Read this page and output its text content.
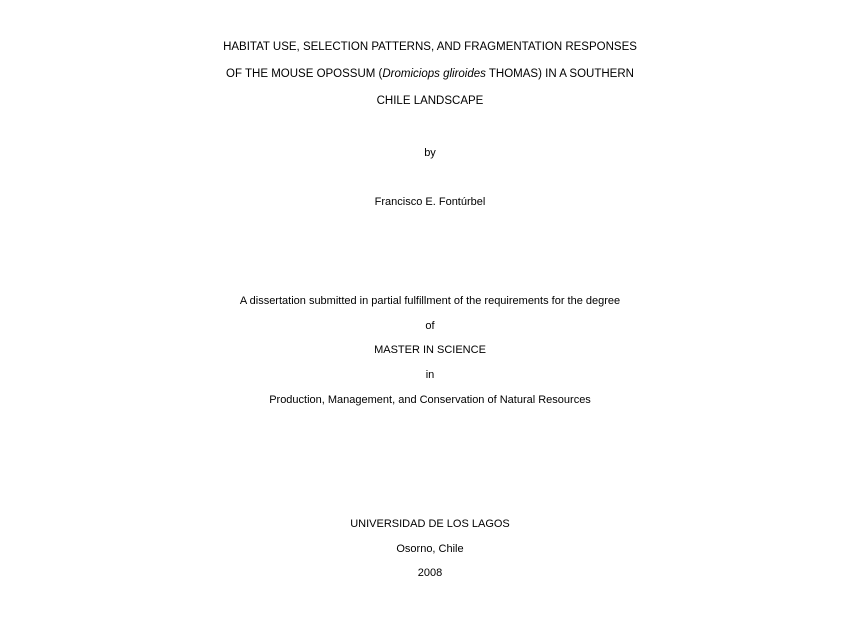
HABITAT USE, SELECTION PATTERNS, AND FRAGMENTATION RESPONSES
OF THE MOUSE OPOSSUM (Dromiciops gliroides THOMAS) IN A SOUTHERN
CHILE LANDSCAPE
by
Francisco E. Fontúrbel
A dissertation submitted in partial fulfillment of the requirements for the degree
of
MASTER IN SCIENCE
in
Production, Management, and Conservation of Natural Resources
UNIVERSIDAD DE LOS LAGOS
Osorno, Chile
2008
